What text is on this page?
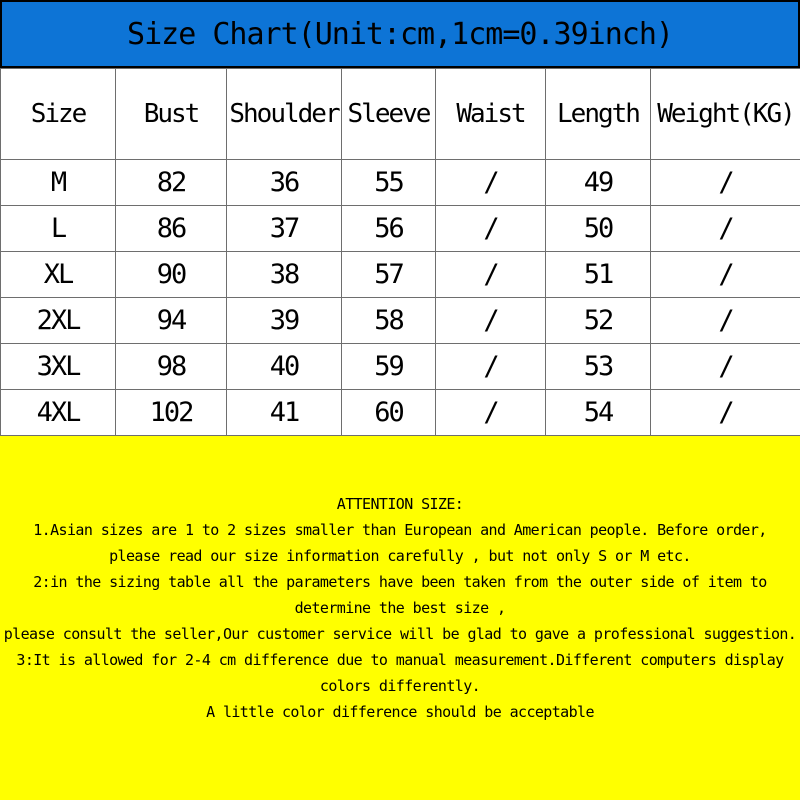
Size Chart(Unit:cm,1cm=0.39inch)
Size	Bust	Shoulder	Sleeve	Waist	Length	Weight(KG)
M	82	36	55	/	49	/
L	86	37	56	/	50	/
XL	90	38	57	/	51	/
2XL	94	39	58	/	52	/
3XL	98	40	59	/	53	/
4XL	102	41	60	/	54	/
ATTENTION SIZE:
1.Asian sizes are 1 to 2 sizes smaller than European and American people. Before order,
please read our size information carefully , but not only S or M etc.
2:in the sizing table all the parameters have been taken from the outer side of item to
determine the best size ,
please consult the seller,Our customer service will be glad to gave a professional suggestion.
3:It is allowed for 2-4 cm difference due to manual measurement.Different computers display
colors differently.
A little color difference should be acceptable
